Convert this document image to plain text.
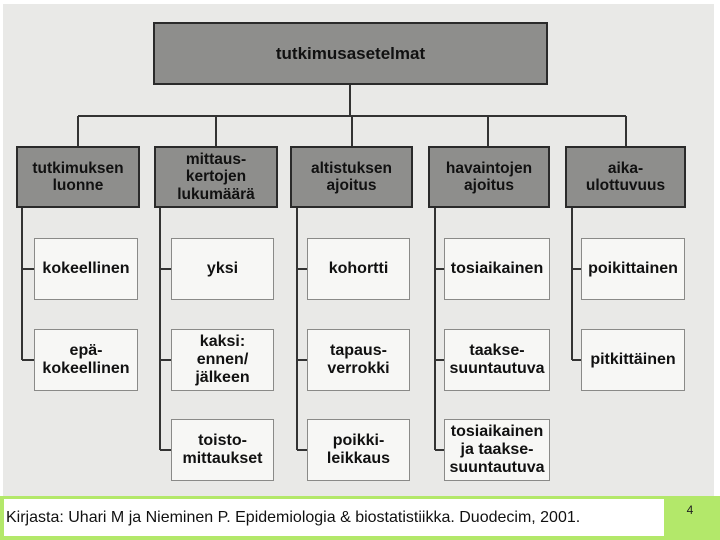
tutkimusasetelmat
tutkimuksen
luonne
mittaus-
kertojen
lukumäärä
altistuksen
ajoitus
havaintojen
ajoitus
aika-
ulottuvuus
kokeellinen
epä-
kokeellinen
yksi
kaksi:
ennen/
jälkeen
toisto-
mittaukset
kohortti
tapaus-
verrokki
poikki-
leikkaus
tosiaikainen
taakse-
suuntautuva
tosiaikainen
ja taakse-
suuntautuva
poikittainen
pitkittäinen
Kirjasta: Uhari M ja Nieminen P. Epidemiologia & biostatistiikka. Duodecim, 2001.	4
